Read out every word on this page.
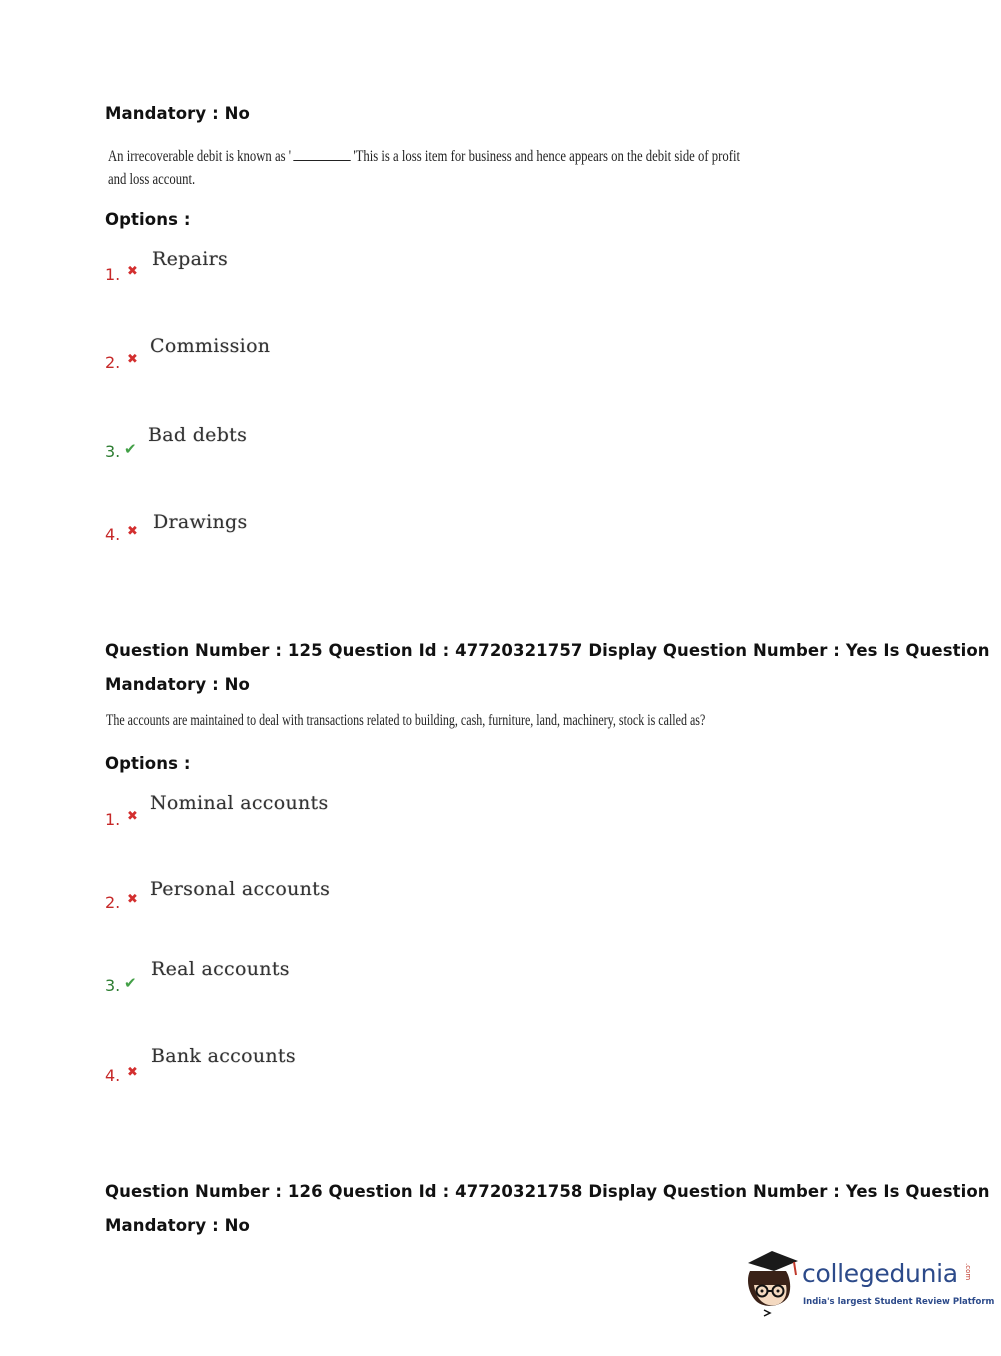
Mandatory : No
An irrecoverable debit is known as '	'This is a loss item for business and hence appears on the debit side of profit
and loss account.
Options :
1. ✖
Repairs
2. ✖
Commission
3. ✔
Bad debts
4. ✖ Drawings
Question Number : 125 Question Id : 47720321757 Display Question Number : Yes Is Question
Mandatory : No
The accounts are maintained to deal with transactions related to building, cash, furniture, land, machinery, stock is called as?
Options :
1. ✖
Nominal accounts
2. ✖ Personal accounts
3. ✔
Real accounts
4. ✖
Bank accounts
Question Number : 126 Question Id : 47720321758 Display Question Number : Yes Is Question
Mandatory : No
collegedunia .com
India's largest Student Review Platform
